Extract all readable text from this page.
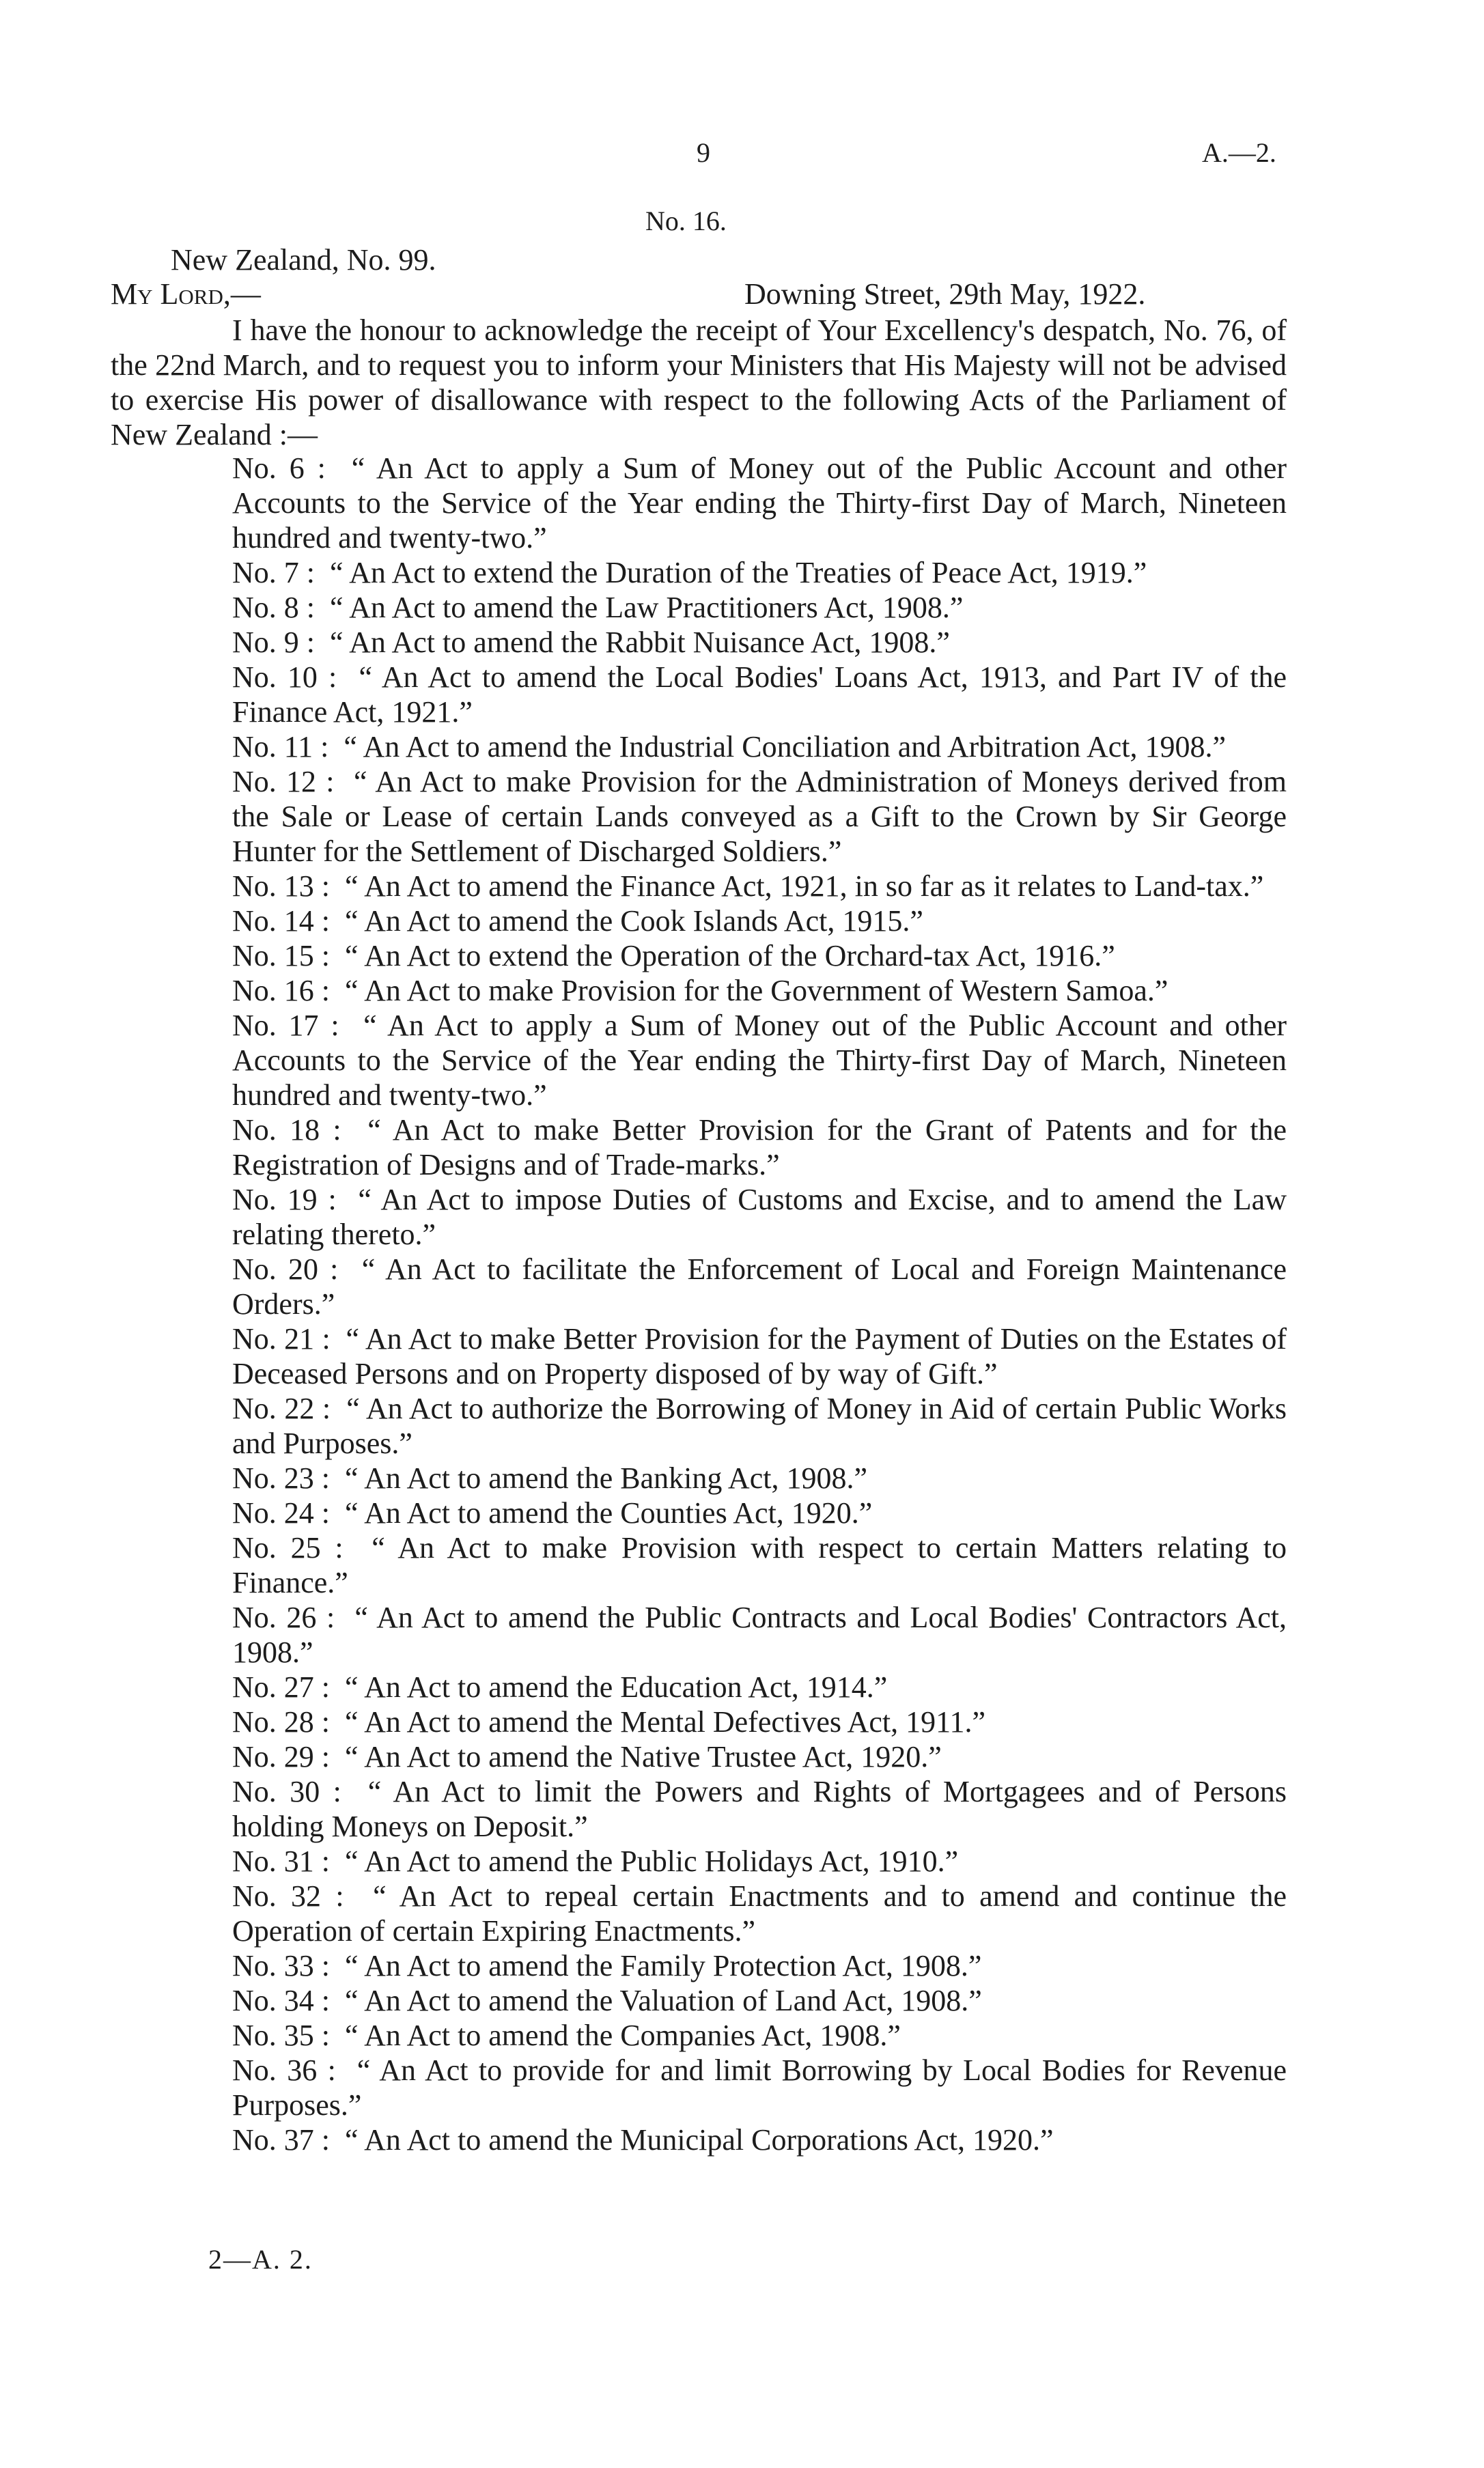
9	A.—2.
No. 16.
New Zealand, No. 99.
My Lord,—	Downing Street, 29th May, 1922.

I have the honour to acknowledge the receipt of Your Excellency's despatch, No. 76, of the 22nd March, and to request you to inform your Ministers that His Majesty will not be advised to exercise His power of disallowance with respect to the following Acts of the Parliament of New Zealand :—

No. 6 : “ An Act to apply a Sum of Money out of the Public Account and other Accounts to the Service of the Year ending the Thirty-first Day of March, Nineteen hundred and twenty-two.”
No. 7 : “ An Act to extend the Duration of the Treaties of Peace Act, 1919.”
No. 8 : “ An Act to amend the Law Practitioners Act, 1908.”
No. 9 : “ An Act to amend the Rabbit Nuisance Act, 1908.”
No. 10 : “ An Act to amend the Local Bodies' Loans Act, 1913, and Part IV of the Finance Act, 1921.”
No. 11 : “ An Act to amend the Industrial Conciliation and Arbitration Act, 1908.”
No. 12 : “ An Act to make Provision for the Administration of Moneys derived from the Sale or Lease of certain Lands conveyed as a Gift to the Crown by Sir George Hunter for the Settlement of Discharged Soldiers.”
No. 13 : “ An Act to amend the Finance Act, 1921, in so far as it relates to Land-tax.”
No. 14 : “ An Act to amend the Cook Islands Act, 1915.”
No. 15 : “ An Act to extend the Operation of the Orchard-tax Act, 1916.”
No. 16 : “ An Act to make Provision for the Government of Western Samoa.”
No. 17 : “ An Act to apply a Sum of Money out of the Public Account and other Accounts to the Service of the Year ending the Thirty-first Day of March, Nineteen hundred and twenty-two.”
No. 18 : “ An Act to make Better Provision for the Grant of Patents and for the Registration of Designs and of Trade-marks.”
No. 19 : “ An Act to impose Duties of Customs and Excise, and to amend the Law relating thereto.”
No. 20 : “ An Act to facilitate the Enforcement of Local and Foreign Maintenance Orders.”
No. 21 : “ An Act to make Better Provision for the Payment of Duties on the Estates of Deceased Persons and on Property disposed of by way of Gift.”
No. 22 : “ An Act to authorize the Borrowing of Money in Aid of certain Public Works and Purposes.”
No. 23 : “ An Act to amend the Banking Act, 1908.”
No. 24 : “ An Act to amend the Counties Act, 1920.”
No. 25 : “ An Act to make Provision with respect to certain Matters relating to Finance.”
No. 26 : “ An Act to amend the Public Contracts and Local Bodies' Contractors Act, 1908.”
No. 27 : “ An Act to amend the Education Act, 1914.”
No. 28 : “ An Act to amend the Mental Defectives Act, 1911.”
No. 29 : “ An Act to amend the Native Trustee Act, 1920.”
No. 30 : “ An Act to limit the Powers and Rights of Mortgagees and of Persons holding Moneys on Deposit.”
No. 31 : “ An Act to amend the Public Holidays Act, 1910.”
No. 32 : “ An Act to repeal certain Enactments and to amend and continue the Operation of certain Expiring Enactments.”
No. 33 : “ An Act to amend the Family Protection Act, 1908.”
No. 34 : “ An Act to amend the Valuation of Land Act, 1908.”
No. 35 : “ An Act to amend the Companies Act, 1908.”
No. 36 : “ An Act to provide for and limit Borrowing by Local Bodies for Revenue Purposes.”
No. 37 : “ An Act to amend the Municipal Corporations Act, 1920.”
2—A. 2.
